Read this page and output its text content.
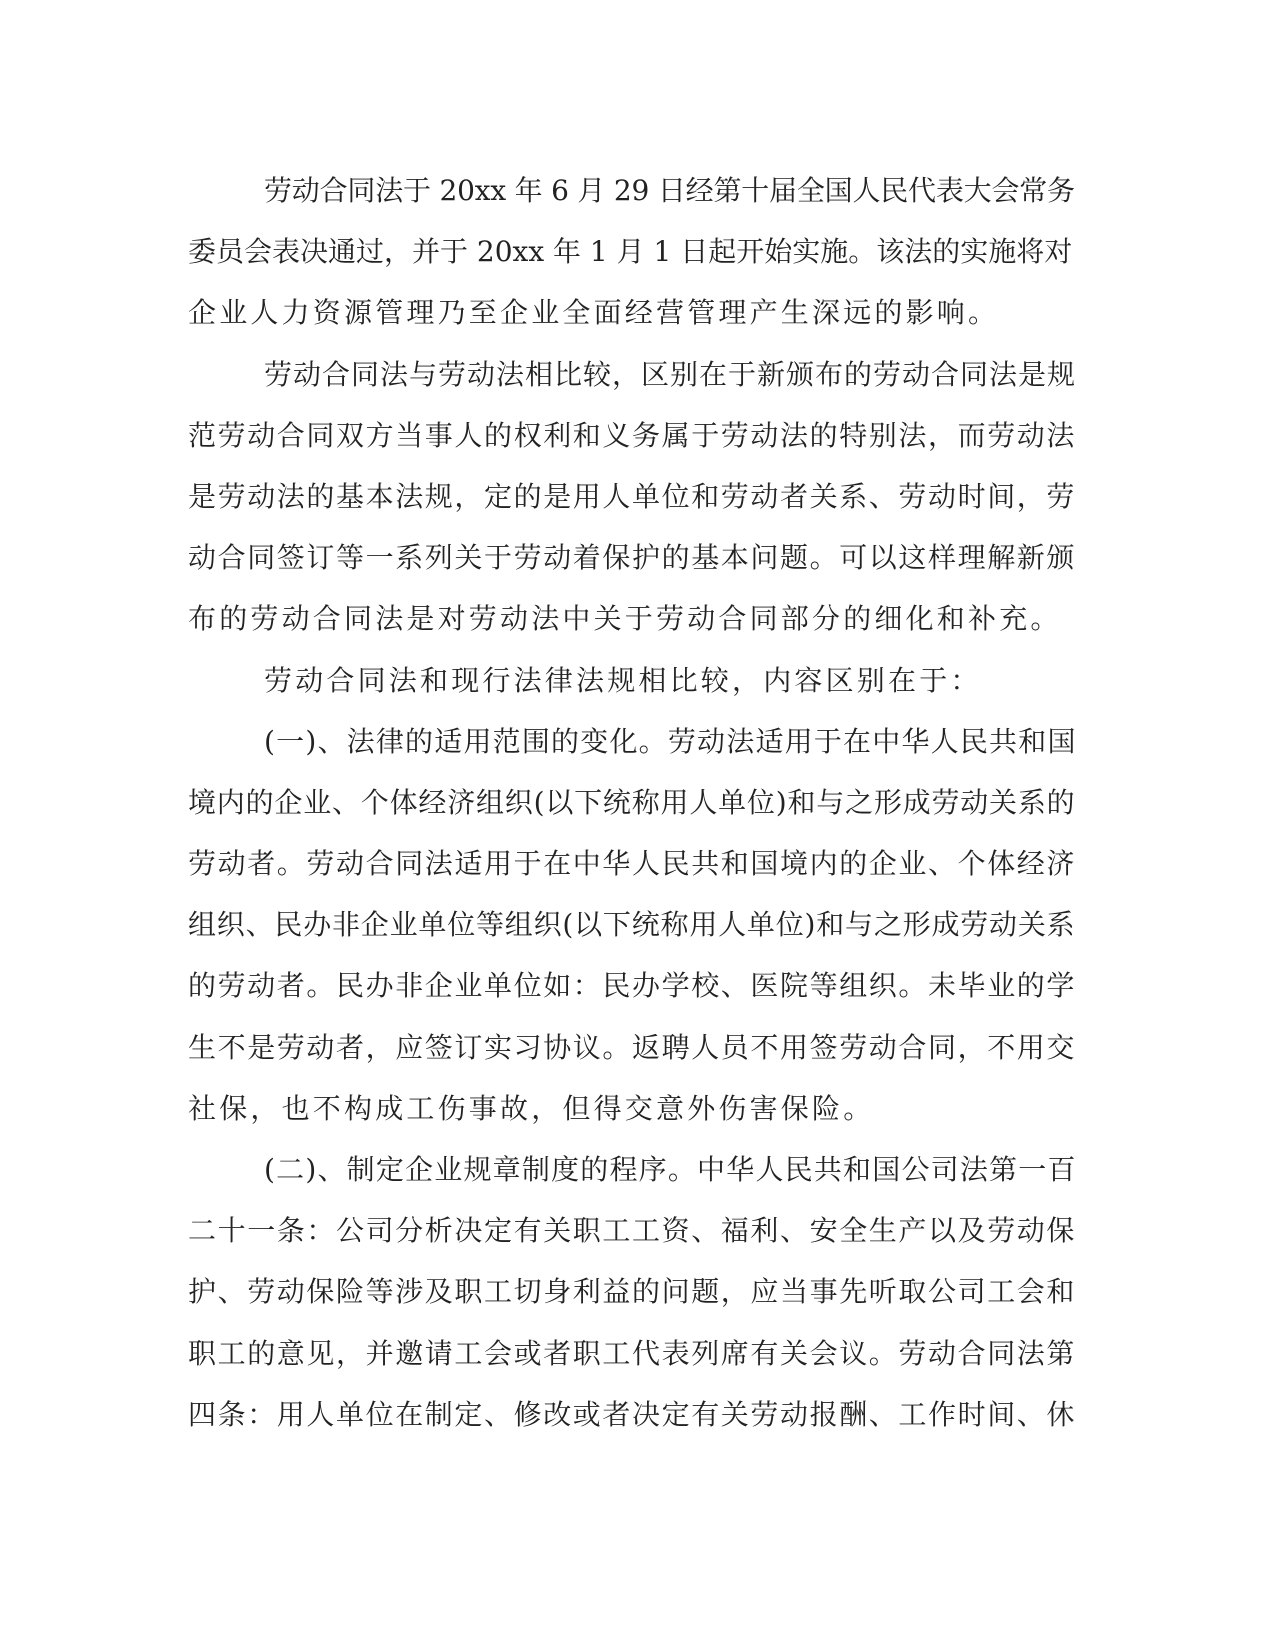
劳动合同法于 20xx 年 6 月 29 日经第十届全国人民代表大会常务
委员会表决通过，并于 20xx 年 1 月 1 日起开始实施。该法的实施将对
企业人力资源管理乃至企业全面经营管理产生深远的影响。
劳动合同法与劳动法相比较，区别在于新颁布的劳动合同法是规
范劳动合同双方当事人的权利和义务属于劳动法的特别法，而劳动法
是劳动法的基本法规，定的是用人单位和劳动者关系、劳动时间，劳
动合同签订等一系列关于劳动着保护的基本问题。可以这样理解新颁
布的劳动合同法是对劳动法中关于劳动合同部分的细化和补充。
劳动合同法和现行法律法规相比较，内容区别在于：
(一)、法律的适用范围的变化。劳动法适用于在中华人民共和国
境内的企业、个体经济组织(以下统称用人单位)和与之形成劳动关系的
劳动者。劳动合同法适用于在中华人民共和国境内的企业、个体经济
组织、民办非企业单位等组织(以下统称用人单位)和与之形成劳动关系
的劳动者。民办非企业单位如：民办学校、医院等组织。未毕业的学
生不是劳动者，应签订实习协议。返聘人员不用签劳动合同，不用交
社保，也不构成工伤事故，但得交意外伤害保险。
(二)、制定企业规章制度的程序。中华人民共和国公司法第一百
二十一条：公司分析决定有关职工工资、福利、安全生产以及劳动保
护、劳动保险等涉及职工切身利益的问题，应当事先听取公司工会和
职工的意见，并邀请工会或者职工代表列席有关会议。劳动合同法第
四条：用人单位在制定、修改或者决定有关劳动报酬、工作时间、休
